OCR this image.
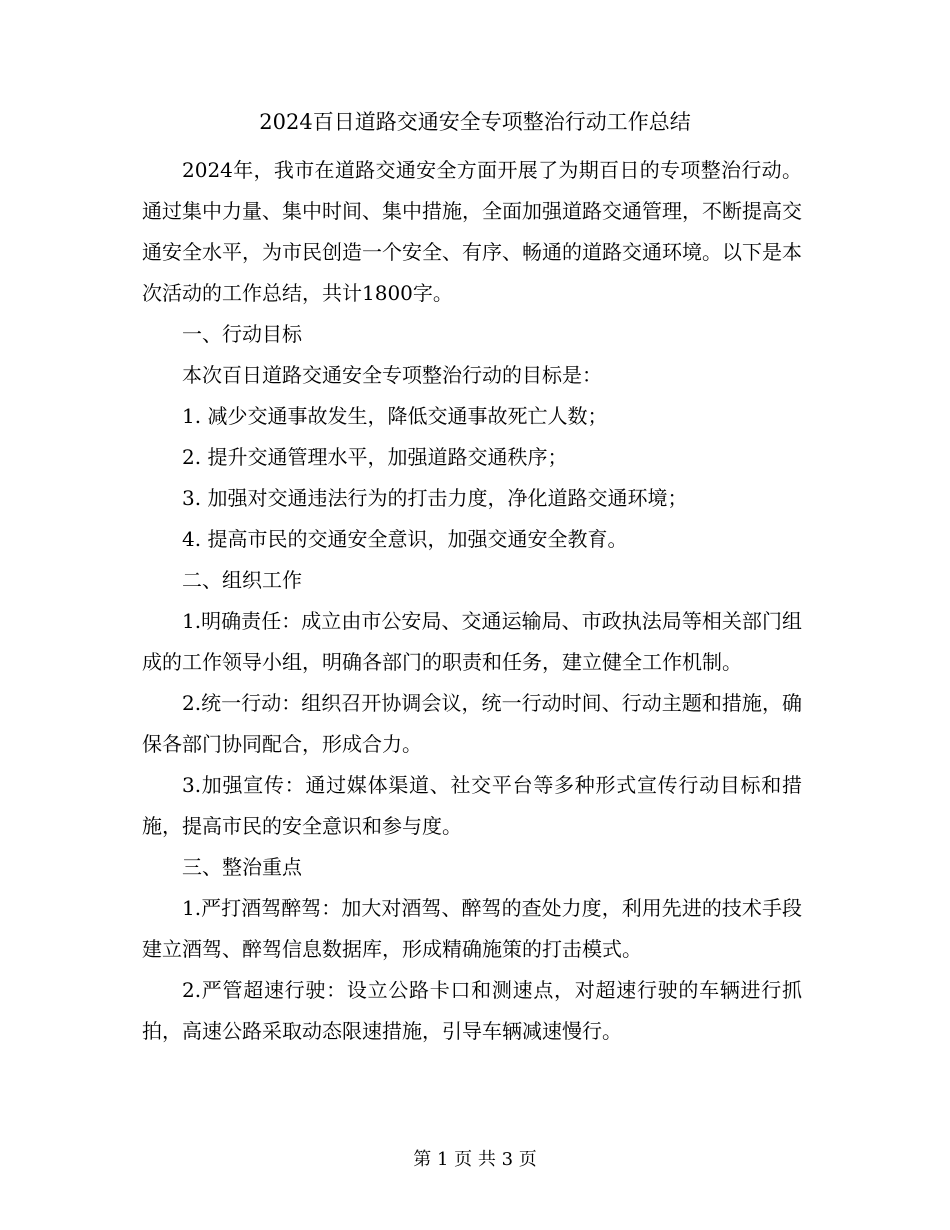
2024百日道路交通安全专项整治行动工作总结

2024年，我市在道路交通安全方面开展了为期百日的专项整治行动。通过集中力量、集中时间、集中措施，全面加强道路交通管理，不断提高交通安全水平，为市民创造一个安全、有序、畅通的道路交通环境。以下是本次活动的工作总结，共计1800字。

一、行动目标

本次百日道路交通安全专项整治行动的目标是：

1. 减少交通事故发生，降低交通事故死亡人数；

2. 提升交通管理水平，加强道路交通秩序；

3. 加强对交通违法行为的打击力度，净化道路交通环境；

4. 提高市民的交通安全意识，加强交通安全教育。

二、组织工作

1.明确责任：成立由市公安局、交通运输局、市政执法局等相关部门组成的工作领导小组，明确各部门的职责和任务，建立健全工作机制。

2.统一行动：组织召开协调会议，统一行动时间、行动主题和措施，确保各部门协同配合，形成合力。

3.加强宣传：通过媒体渠道、社交平台等多种形式宣传行动目标和措施，提高市民的安全意识和参与度。

三、整治重点

1.严打酒驾醉驾：加大对酒驾、醉驾的查处力度，利用先进的技术手段建立酒驾、醉驾信息数据库，形成精确施策的打击模式。

2.严管超速行驶：设立公路卡口和测速点，对超速行驶的车辆进行抓拍，高速公路采取动态限速措施，引导车辆减速慢行。

第 1 页 共 3 页
